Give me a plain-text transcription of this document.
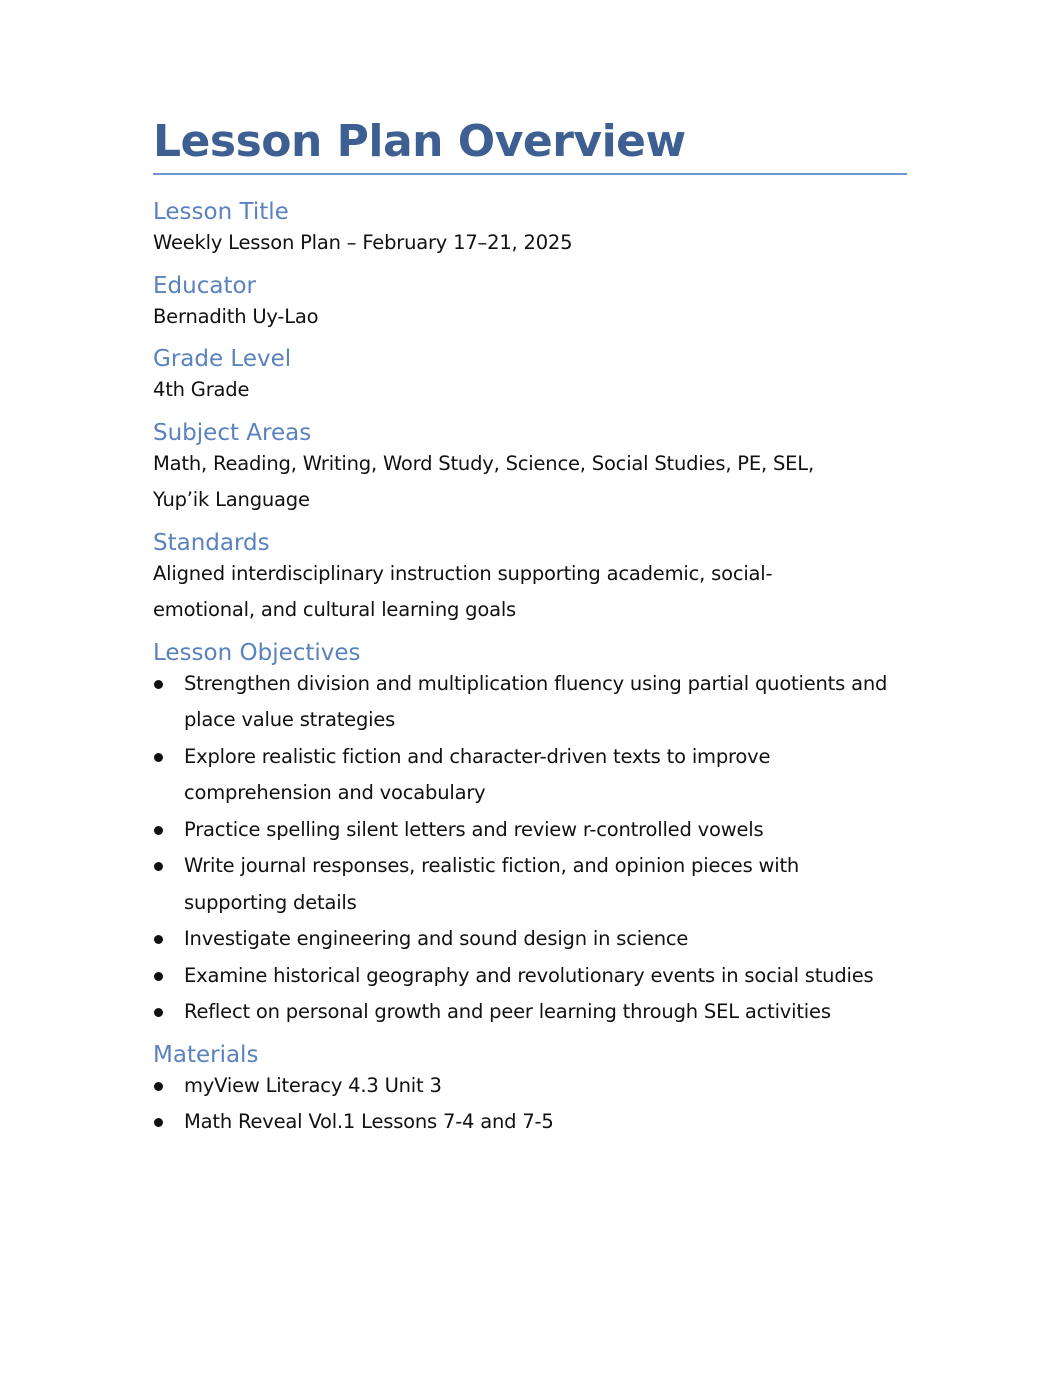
Lesson Plan Overview
Lesson Title

Weekly Lesson Plan – February 17–21, 2025

Educator

Bernadith Uy-Lao

Grade Level

4th Grade

Subject Areas

Math, Reading, Writing, Word Study, Science, Social Studies, PE, SEL, Yup’ik Language

Standards

Aligned interdisciplinary instruction supporting academic, social-emotional, and cultural learning goals

Lesson Objectives
Strengthen division and multiplication fluency using partial quotients and place value strategies
Explore realistic fiction and character-driven texts to improve comprehension and vocabulary
Practice spelling silent letters and review r-controlled vowels
Write journal responses, realistic fiction, and opinion pieces with supporting details
Investigate engineering and sound design in science
Examine historical geography and revolutionary events in social studies
Reflect on personal growth and peer learning through SEL activities
Materials
myView Literacy 4.3 Unit 3
Math Reveal Vol.1 Lessons 7-4 and 7-5
